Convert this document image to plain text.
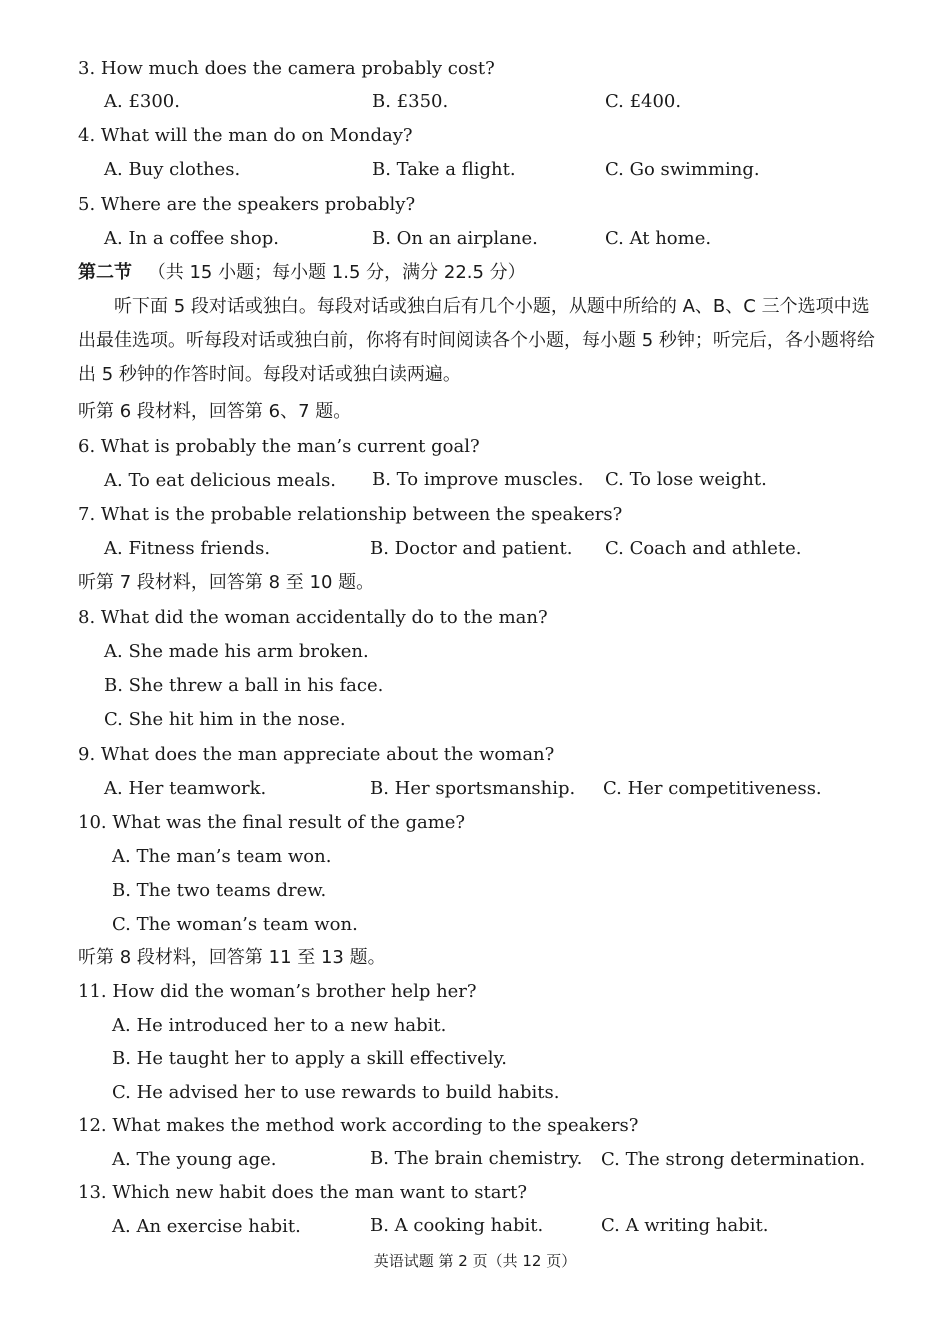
3. How much does the camera probably cost?
A. £300.	B. £350.	C. £400.
4. What will the man do on Monday?
A. Buy clothes.	B. Take a flight.	C. Go swimming.
5. Where are the speakers probably?
A. In a coffee shop.	B. On an airplane.	C. At home.
第二节 （共 15 小题；每小题 1.5 分，满分 22.5 分）
听下面 5 段对话或独白。每段对话或独白后有几个小题，从题中所给的 A、B、C 三个选项中选出最佳选项。听每段对话或独白前，你将有时间阅读各个小题，每小题 5 秒钟；听完后，各小题将给出 5 秒钟的作答时间。每段对话或独白读两遍。
听第 6 段材料，回答第 6、7 题。
6. What is probably the man’s current goal?
A. To eat delicious meals. B. To improve muscles. C. To lose weight.
7. What is the probable relationship between the speakers?
A. Fitness friends.	B. Doctor and patient. C. Coach and athlete.
听第 7 段材料，回答第 8 至 10 题。
8. What did the woman accidentally do to the man?
A. She made his arm broken.
B. She threw a ball in his face.
C. She hit him in the nose.
9. What does the man appreciate about the woman?
A. Her teamwork.	B. Her sportsmanship. C. Her competitiveness.
10. What was the final result of the game?
A. The man’s team won.
B. The two teams drew.
C. The woman’s team won.
听第 8 段材料，回答第 11 至 13 题。
11. How did the woman’s brother help her?
A. He introduced her to a new habit.
B. He taught her to apply a skill effectively.
C. He advised her to use rewards to build habits.
12. What makes the method work according to the speakers?
A. The young age.	B. The brain chemistry. C. The strong determination.
13. Which new habit does the man want to start?
A. An exercise habit.	B. A cooking habit.	C. A writing habit.
英语试题 第 2 页（共 12 页）
